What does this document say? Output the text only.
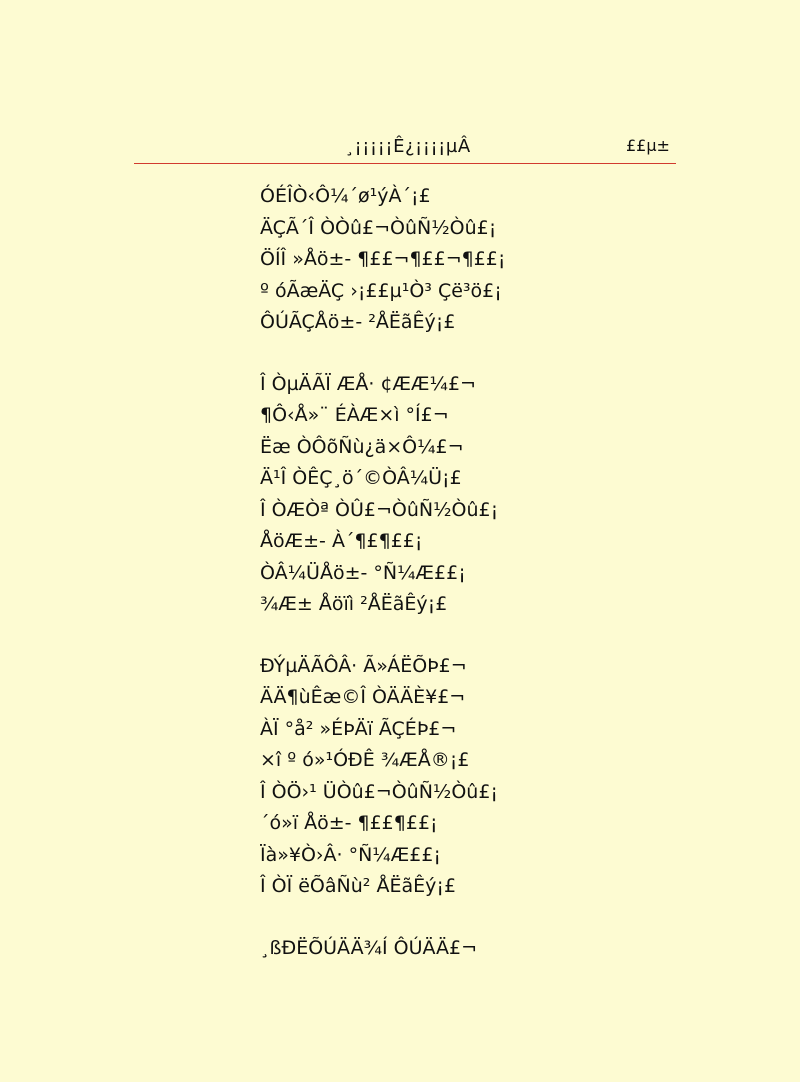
¸¡¡¡¡¡Ê¿¡¡¡¡µÂ	££µ±
ÓÉÎÒ‹Ô¼´ø¹ýÀ´¡£
ÄÇÃ´Î ÒÒû£¬ÒûÑ½Òû£¡
ÖÍÎ »Åö±- ¶££¬¶££¬¶££¡
º óÃæÄÇ ›¡££µ¹Ò³ Çë³ö£¡
ÔÚÃÇÅö±- ²ÅËãÊý¡£
Î ÒµÄÃÏ ÆÅ· ¢ÆÆ¼£¬
¶Ô‹Å»¨ ÉÀÆ×ì °Í£¬
Ëæ ÒÔõÑù¿ä×Ô¼£¬
Ä¹Î ÒÊÇ¸ö´©ÒÂ¼Ü¡£
Î ÒÆÒª ÒÛ£¬ÒûÑ½Òû£¡
ÅöÆ±- À´¶£¶££¡
ÒÂ¼ÜÅö±- °Ñ¼Æ££¡
¾Æ± Åöïì ²ÅËãÊý¡£
ÐÝµÄÃÔÂ· Ã»ÁËÕÞ£¬
ÄÄ¶ùÊæ©Î ÒÄÄÈ¥£¬
ÀÏ °å² »ÉÞÄï ÃÇÉÞ£¬
×î º ó»¹ÓÐÊ ¾ÆÅ®¡£
Î ÒÖ›¹ ÜÒû£¬ÒûÑ½Òû£¡
´ó»ï Åö±- ¶££¶££¡
Ïà»¥Ò›Â· °Ñ¼Æ££¡
Î ÒÏ ëÕâÑù² ÅËãÊý¡£
¸ßÐËÕÚÄÄ¾Í ÔÚÄÄ£¬
